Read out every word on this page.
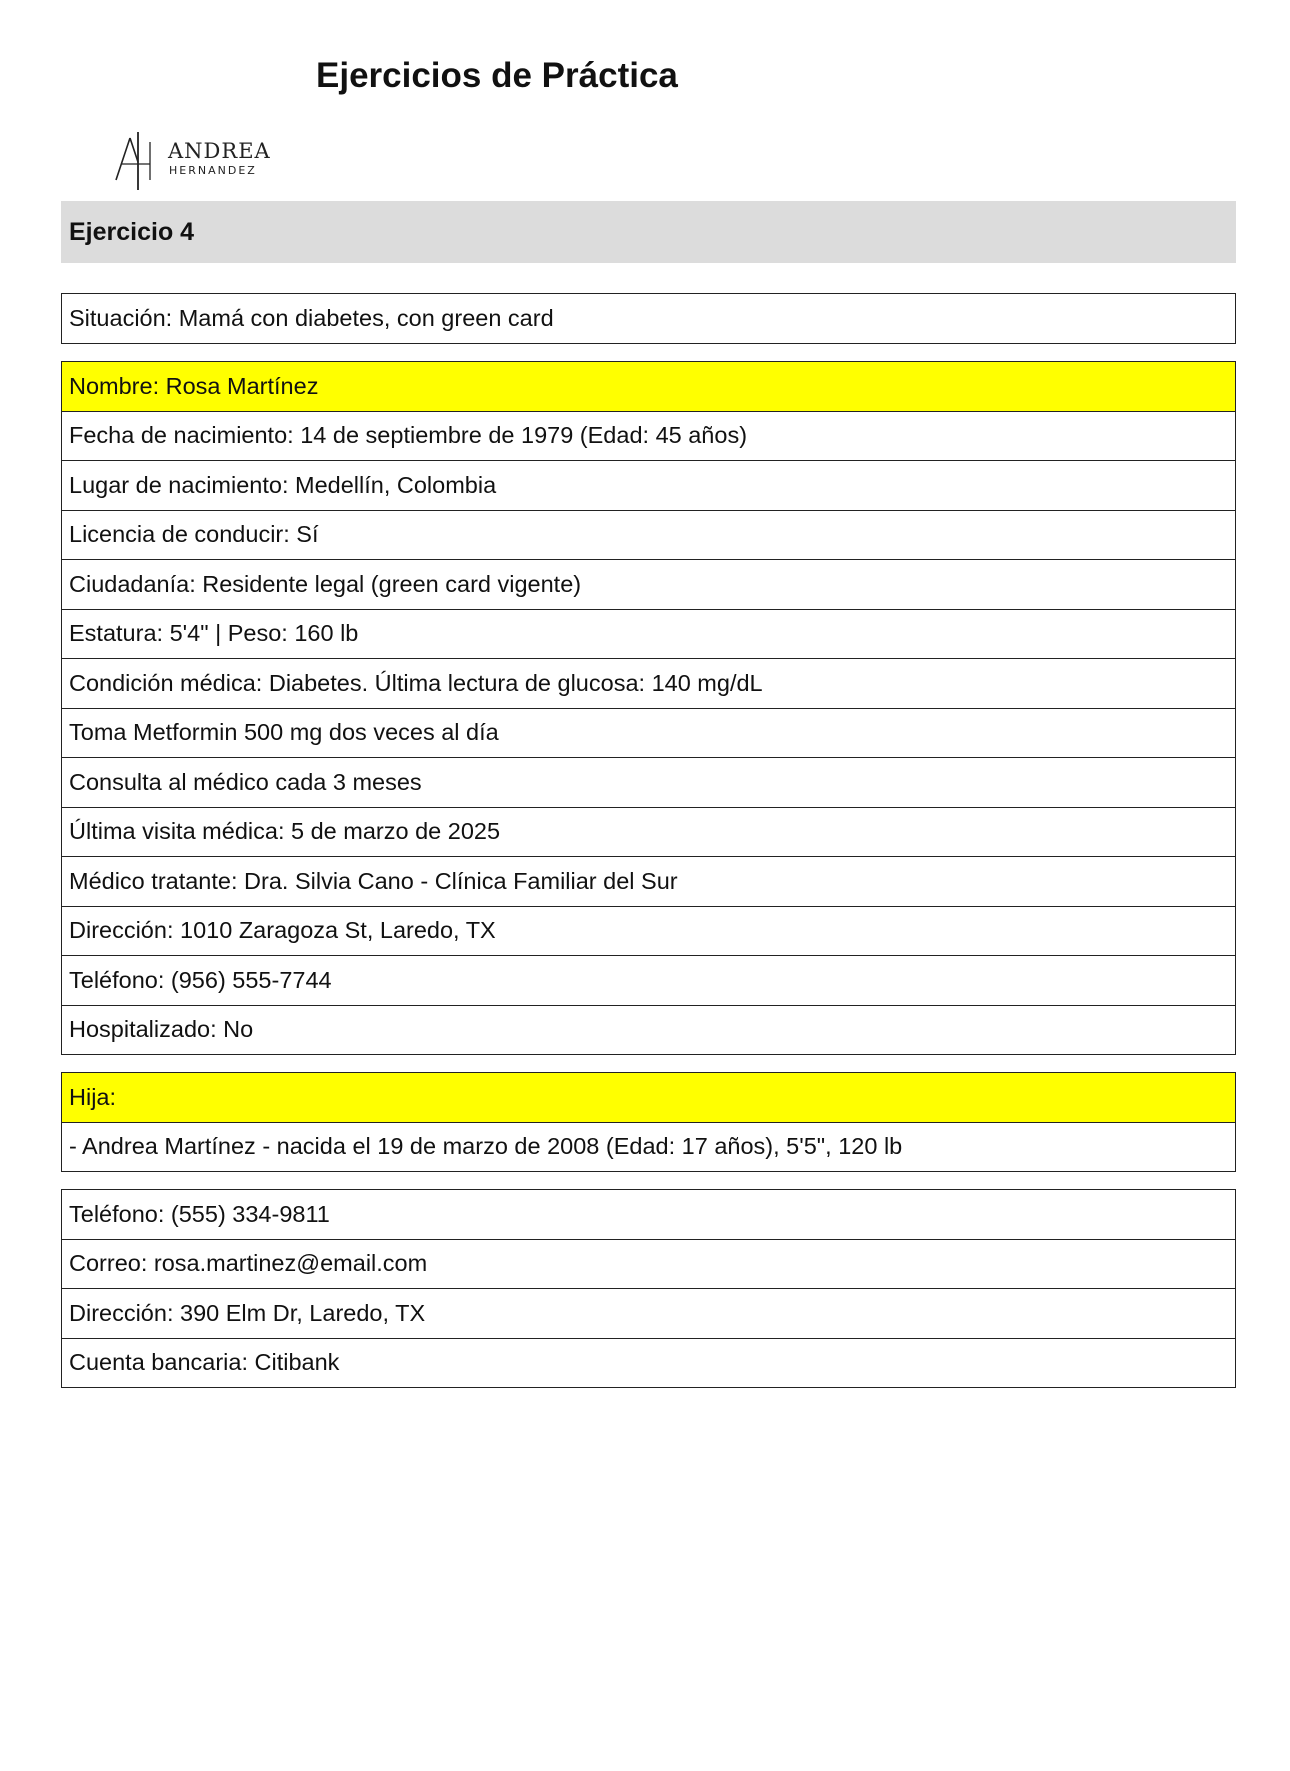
Ejercicios de Práctica
ANDREA
HERNANDEZ
Ejercicio 4
Situación: Mamá con diabetes, con green card
Nombre: Rosa Martínez
Fecha de nacimiento: 14 de septiembre de 1979 (Edad: 45 años)
Lugar de nacimiento: Medellín, Colombia
Licencia de conducir: Sí
Ciudadanía: Residente legal (green card vigente)
Estatura: 5'4" | Peso: 160 lb
Condición médica: Diabetes. Última lectura de glucosa: 140 mg/dL
Toma Metformin 500 mg dos veces al día
Consulta al médico cada 3 meses
Última visita médica: 5 de marzo de 2025
Médico tratante: Dra. Silvia Cano - Clínica Familiar del Sur
Dirección: 1010 Zaragoza St, Laredo, TX
Teléfono: (956) 555-7744
Hospitalizado: No
Hija:
- Andrea Martínez - nacida el 19 de marzo de 2008 (Edad: 17 años), 5'5", 120 lb
Teléfono: (555) 334-9811
Correo: rosa.martinez@email.com
Dirección: 390 Elm Dr, Laredo, TX
Cuenta bancaria: Citibank
